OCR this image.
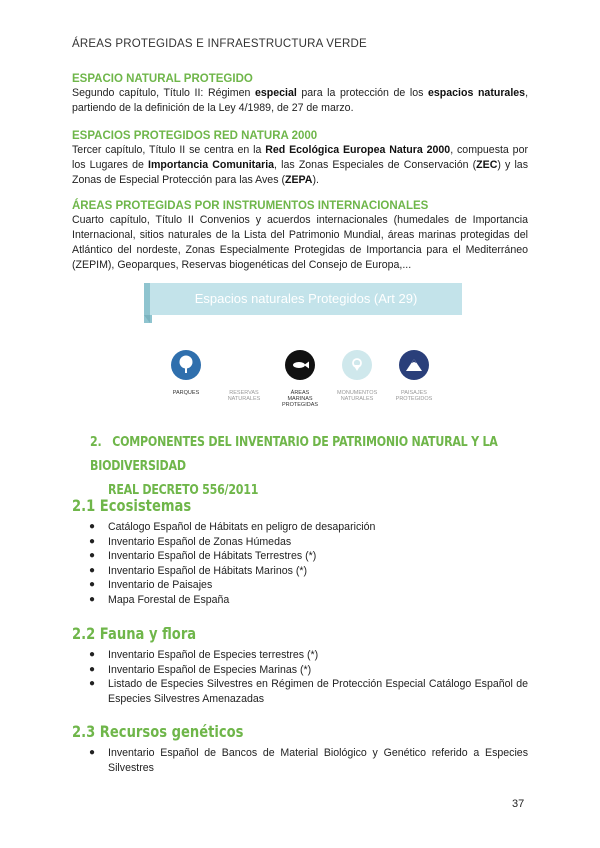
ÁREAS PROTEGIDAS E INFRAESTRUCTURA VERDE

ESPACIO NATURAL PROTEGIDO

Segundo capítulo, Título II: Régimen especial para la protección de los espacios naturales, partiendo de la definición de la Ley 4/1989, de 27 de marzo.

ESPACIOS PROTEGIDOS RED NATURA 2000

Tercer capítulo, Título II se centra en la Red Ecológica Europea Natura 2000, compuesta por los Lugares de Importancia Comunitaria, las Zonas Especiales de Conservación (ZEC) y las Zonas de Especial Protección para las Aves (ZEPA).

ÁREAS PROTEGIDAS POR INSTRUMENTOS INTERNACIONALES

Cuarto capítulo, Título II Convenios y acuerdos internacionales (humedales de Importancia Internacional, sitios naturales de la Lista del Patrimonio Mundial, áreas marinas protegidas del Atlántico del nordeste, Zonas Especialmente Protegidas de Importancia para el Mediterráneo (ZEPIM), Geoparques, Reservas biogenéticas del Consejo de Europa,...

Espacios naturales Protegidos (Art 29)
PARQUES	RESERVAS NATURALES
ÁREAS MARINAS PROTEGIDAS
MONUMENTOS NATURALES
PAISAJES PROTEGIDOS
2. COMPONENTES DEL INVENTARIO DE PATRIMONIO NATURAL Y LA BIODIVERSIDAD
REAL DECRETO 556/2011
2.1 Ecosistemas
● Catálogo Español de Hábitats en peligro de desaparición
● Inventario Español de Zonas Húmedas
● Inventario Español de Hábitats Terrestres (*)
● Inventario Español de Hábitats Marinos (*)
● Inventario de Paisajes
● Mapa Forestal de España
2.2 Fauna y flora
● Inventario Español de Especies terrestres (*)
● Inventario Español de Especies Marinas (*)
● Listado de Especies Silvestres en Régimen de Protección Especial Catálogo Español de Especies Silvestres Amenazadas
2.3 Recursos genéticos
● Inventario Español de Bancos de Material Biológico y Genético referido a Especies Silvestres
37
